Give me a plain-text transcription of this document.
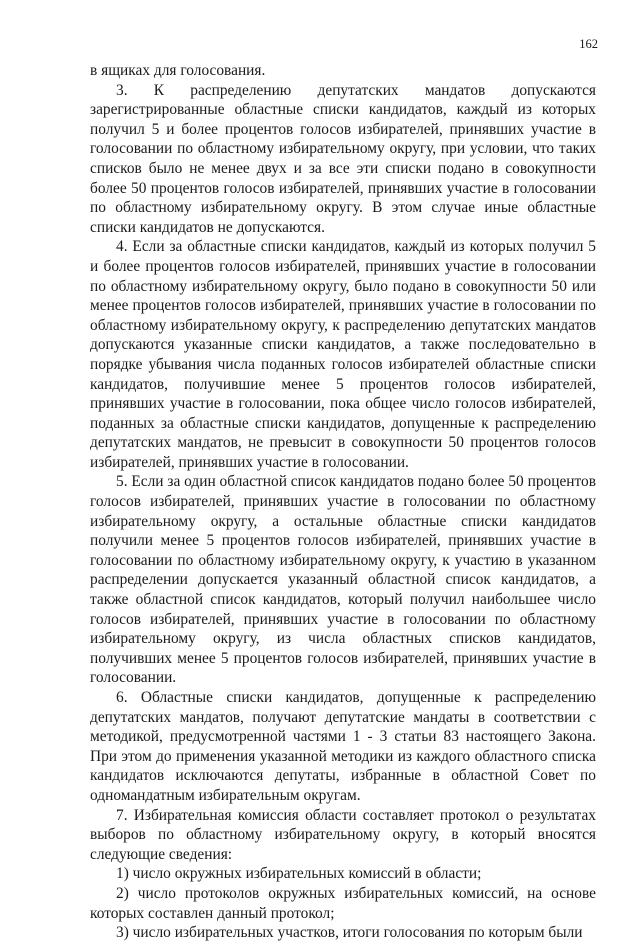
162

в ящиках для голосования.

3. К распределению депутатских мандатов допускаются зарегистрированные областные списки кандидатов, каждый из которых получил 5 и более процентов голосов избирателей, принявших участие в голосовании по областному избирательному округу, при условии, что таких списков было не менее двух и за все эти списки подано в совокупности более 50 процентов голосов избирателей, принявших участие в голосовании по областному избирательному округу. В этом случае иные областные списки кандидатов не допускаются.

4. Если за областные списки кандидатов, каждый из которых получил 5 и более процентов голосов избирателей, принявших участие в голосовании по областному избирательному округу, было подано в совокупности 50 или менее процентов голосов избирателей, принявших участие в голосовании по областному избирательному округу, к распределению депутатских мандатов допускаются указанные списки кандидатов, а также последовательно в порядке убывания числа поданных голосов избирателей областные списки кандидатов, получившие менее 5 процентов голосов избирателей, принявших участие в голосовании, пока общее число голосов избирателей, поданных за областные списки кандидатов, допущенные к распределению депутатских мандатов, не превысит в совокупности 50 процентов голосов избирателей, принявших участие в голосовании.

5. Если за один областной список кандидатов подано более 50 процентов голосов избирателей, принявших участие в голосовании по областному избирательному округу, а остальные областные списки кандидатов получили менее 5 процентов голосов избирателей, принявших участие в голосовании по областному избирательному округу, к участию в указанном распределении допускается указанный областной список кандидатов, а также областной список кандидатов, который получил наибольшее число голосов избирателей, принявших участие в голосовании по областному избирательному округу, из числа областных списков кандидатов, получивших менее 5 процентов голосов избирателей, принявших участие в голосовании.

6. Областные списки кандидатов, допущенные к распределению депутатских мандатов, получают депутатские мандаты в соответствии с методикой, предусмотренной частями 1 - 3 статьи 83 настоящего Закона. При этом до применения указанной методики из каждого областного списка кандидатов исключаются депутаты, избранные в областной Совет по одномандатным избирательным округам.

7. Избирательная комиссия области составляет протокол о результатах выборов по областному избирательному округу, в который вносятся следующие сведения:

1) число окружных избирательных комиссий в области;

2) число протоколов окружных избирательных комиссий, на основе которых составлен данный протокол;

3) число избирательных участков, итоги голосования по которым были
